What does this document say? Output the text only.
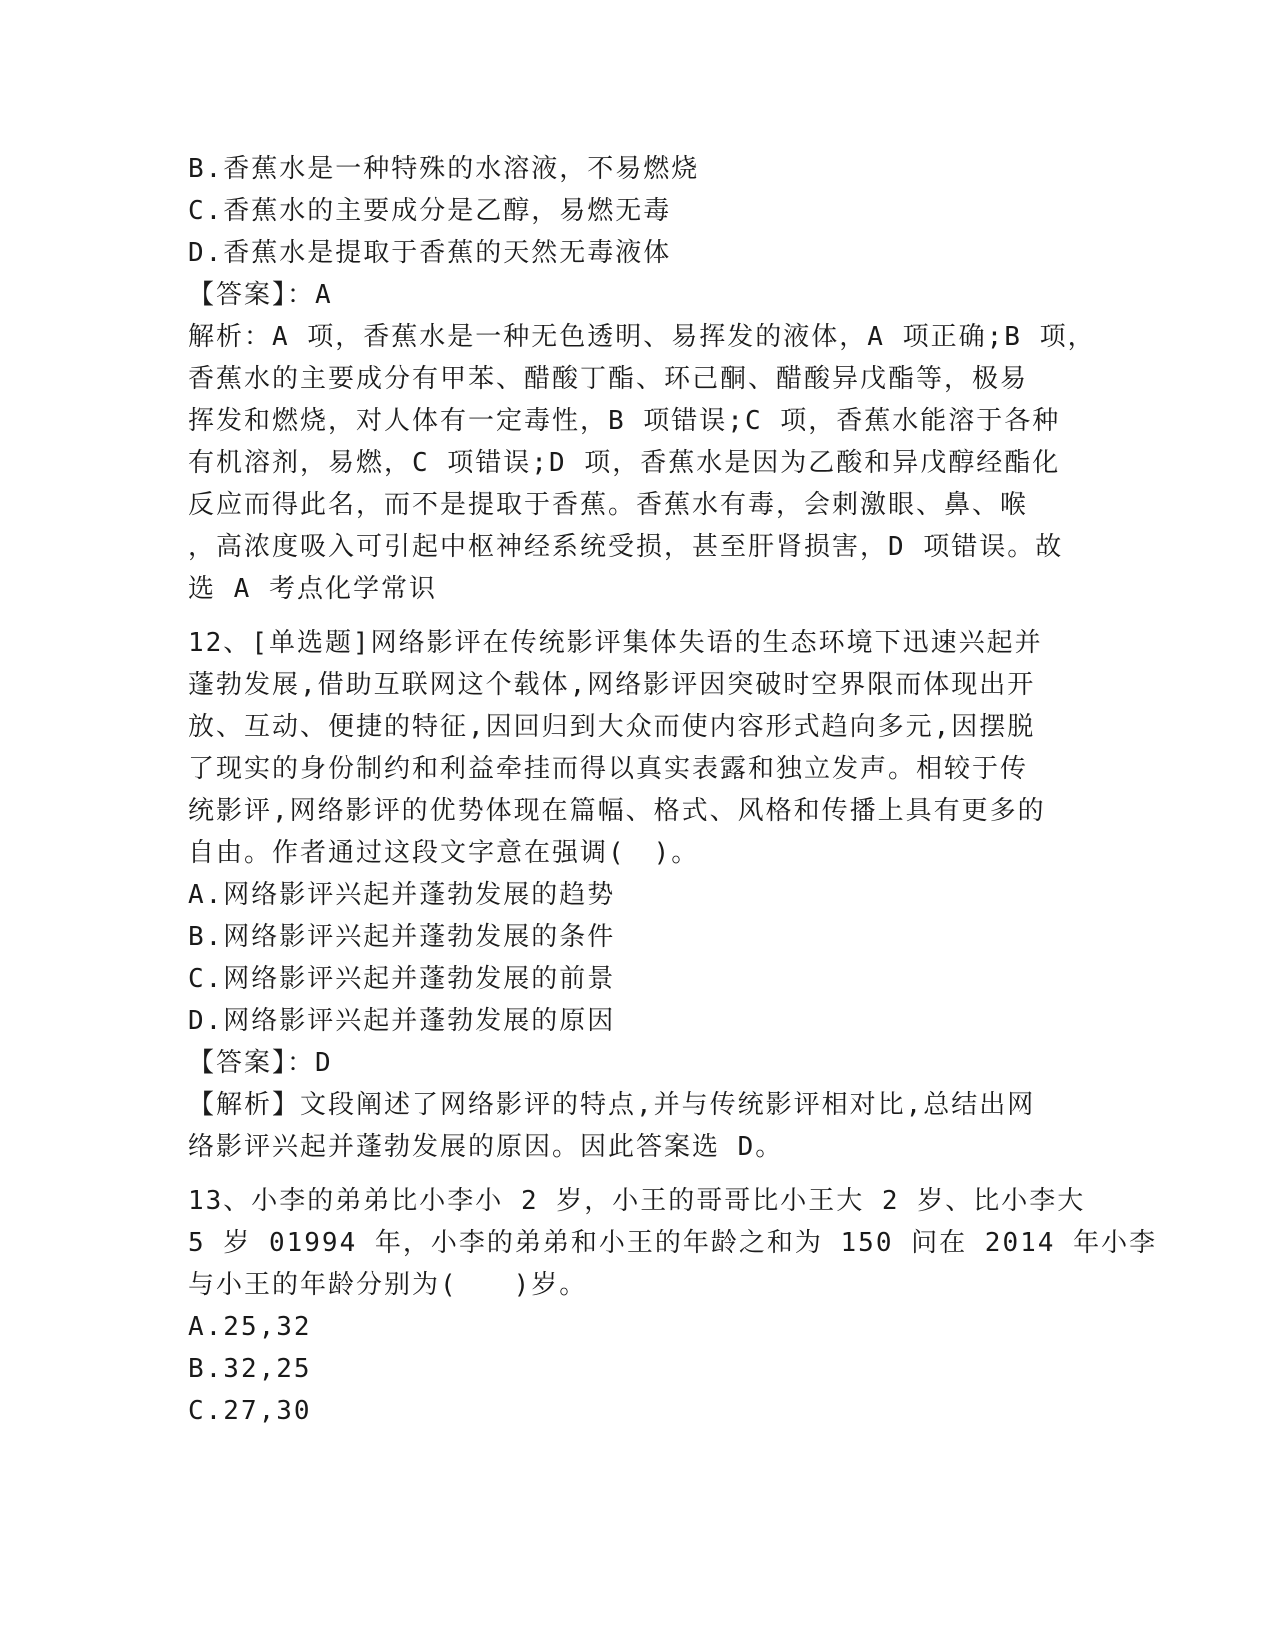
B.香蕉水是一种特殊的水溶液，不易燃烧
C.香蕉水的主要成分是乙醇，易燃无毒
D.香蕉水是提取于香蕉的天然无毒液体
【答案】：A
解析：A 项，香蕉水是一种无色透明、易挥发的液体，A 项正确;B 项，
香蕉水的主要成分有甲苯、醋酸丁酯、环己酮、醋酸异戊酯等，极易
挥发和燃烧，对人体有一定毒性，B 项错误;C 项，香蕉水能溶于各种
有机溶剂，易燃，C 项错误;D 项，香蕉水是因为乙酸和异戊醇经酯化
反应而得此名，而不是提取于香蕉。香蕉水有毒，会刺激眼、鼻、喉
，高浓度吸入可引起中枢神经系统受损，甚至肝肾损害，D 项错误。故
选 A 考点化学常识
12、[单选题]网络影评在传统影评集体失语的生态环境下迅速兴起并
蓬勃发展,借助互联网这个载体,网络影评因突破时空界限而体现出开
放、互动、便捷的特征,因回归到大众而使内容形式趋向多元,因摆脱
了现实的身份制约和利益牵挂而得以真实表露和独立发声。相较于传
统影评,网络影评的优势体现在篇幅、格式、风格和传播上具有更多的
自由。作者通过这段文字意在强调(　)。
A.网络影评兴起并蓬勃发展的趋势
B.网络影评兴起并蓬勃发展的条件
C.网络影评兴起并蓬勃发展的前景
D.网络影评兴起并蓬勃发展的原因
【答案】：D
【解析】文段阐述了网络影评的特点,并与传统影评相对比,总结出网
络影评兴起并蓬勃发展的原因。因此答案选 D。
13、小李的弟弟比小李小 2 岁，小王的哥哥比小王大 2 岁、比小李大
5 岁 01994 年，小李的弟弟和小王的年龄之和为 150 问在 2014 年小李
与小王的年龄分别为(　　)岁。
A.25,32
B.32,25
C.27,30
